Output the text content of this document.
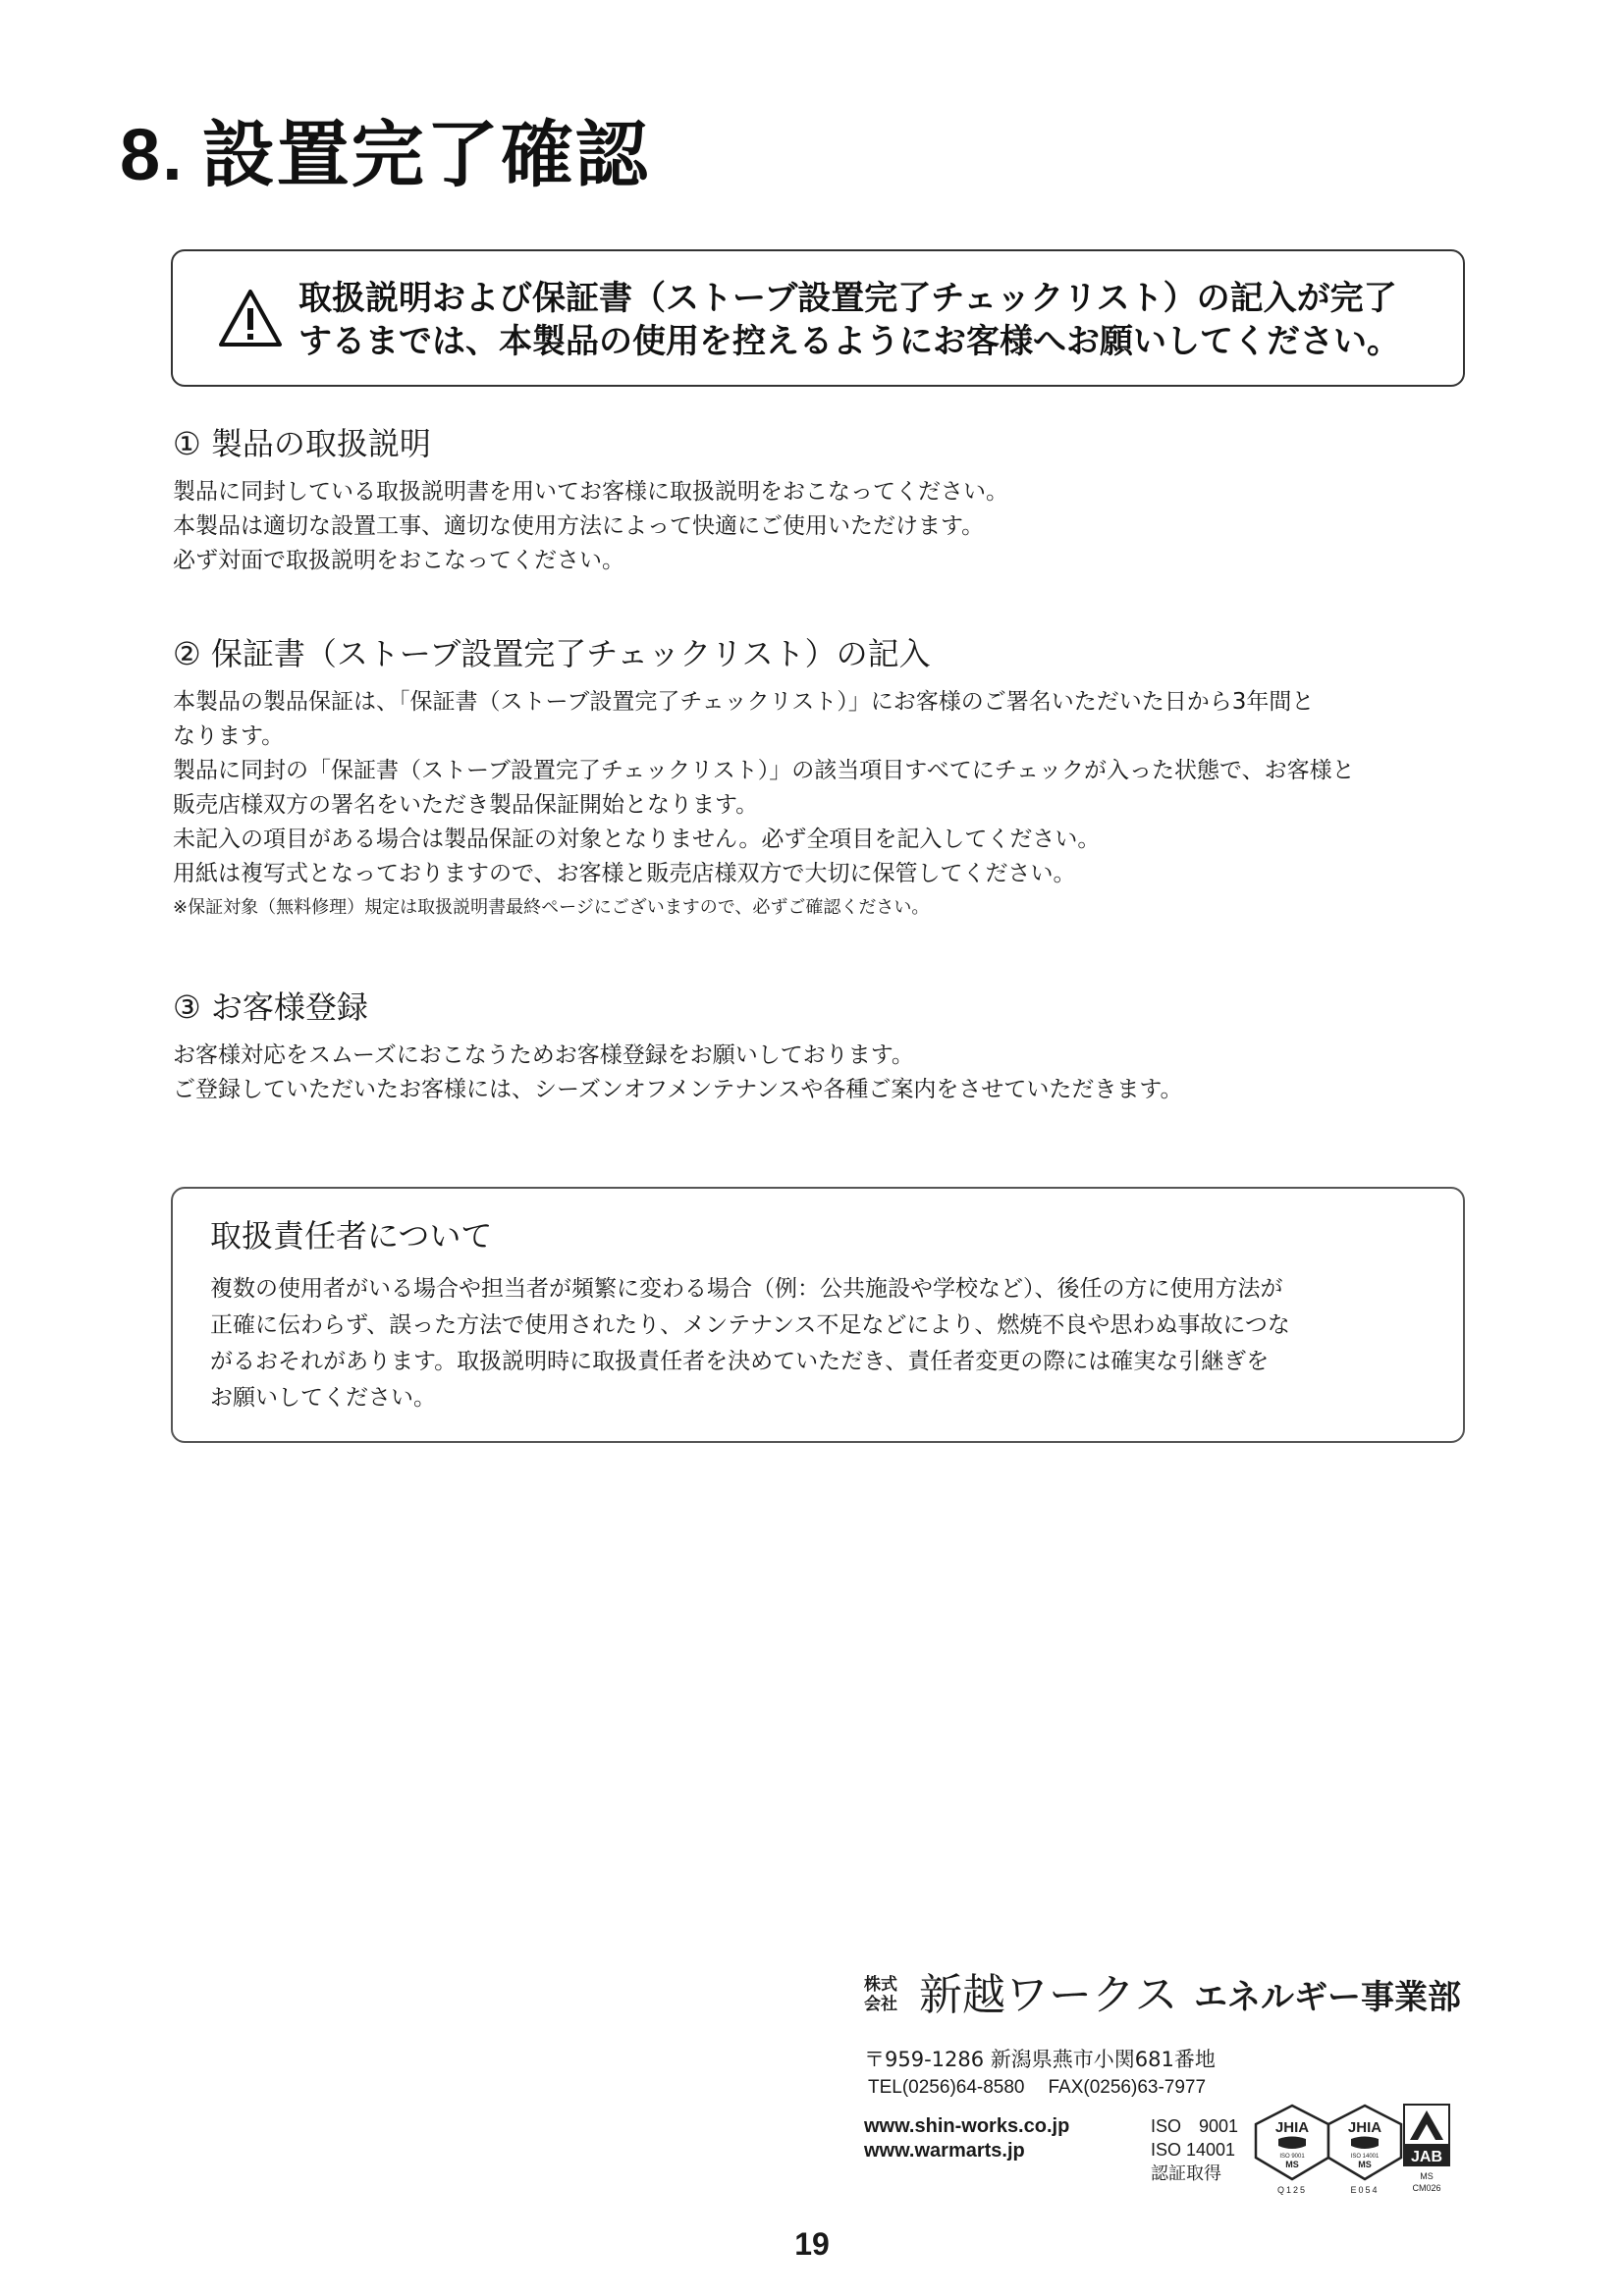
8. 設置完了確認
取扱説明および保証書（ストーブ設置完了チェックリスト）の記入が完了
するまでは、本製品の使用を控えるようにお客様へお願いしてください。
① 製品の取扱説明
製品に同封している取扱説明書を用いてお客様に取扱説明をおこなってください。
本製品は適切な設置工事、適切な使用方法によって快適にご使用いただけます。
必ず対面で取扱説明をおこなってください。
② 保証書（ストーブ設置完了チェックリスト）の記入
本製品の製品保証は、「保証書（ストーブ設置完了チェックリスト）」にお客様のご署名いただいた日から3年間と
なります。
製品に同封の「保証書（ストーブ設置完了チェックリスト）」の該当項目すべてにチェックが入った状態で、お客様と
販売店様双方の署名をいただき製品保証開始となります。
未記入の項目がある場合は製品保証の対象となりません。必ず全項目を記入してください。
用紙は複写式となっておりますので、お客様と販売店様双方で大切に保管してください。
※保証対象（無料修理）規定は取扱説明書最終ページにございますので、必ずご確認ください。
③ お客様登録
お客様対応をスムーズにおこなうためお客様登録をお願いしております。
ご登録していただいたお客様には、シーズンオフメンテナンスや各種ご案内をさせていただきます。
取扱責任者について
複数の使用者がいる場合や担当者が頻繁に変わる場合（例：公共施設や学校など）、後任の方に使用方法が
正確に伝わらず、誤った方法で使用されたり、メンテナンス不足などにより、燃焼不良や思わぬ事故につな
がるおそれがあります。取扱説明時に取扱責任者を決めていただき、責任者変更の際には確実な引継ぎを
お願いしてください。
株式
会社 新越ワークス エネルギー事業部
〒959-1286 新潟県燕市小関681番地
TEL(0256)64-8580 FAX(0256)63-7977
www.shin-works.co.jp
www.warmarts.jp
ISO　9001
ISO 14001
認証取得
JHIA
ISO 9001
MS
Q125
JHIA
ISO 14001
MS
E054
JAB
MS
CM026
19
